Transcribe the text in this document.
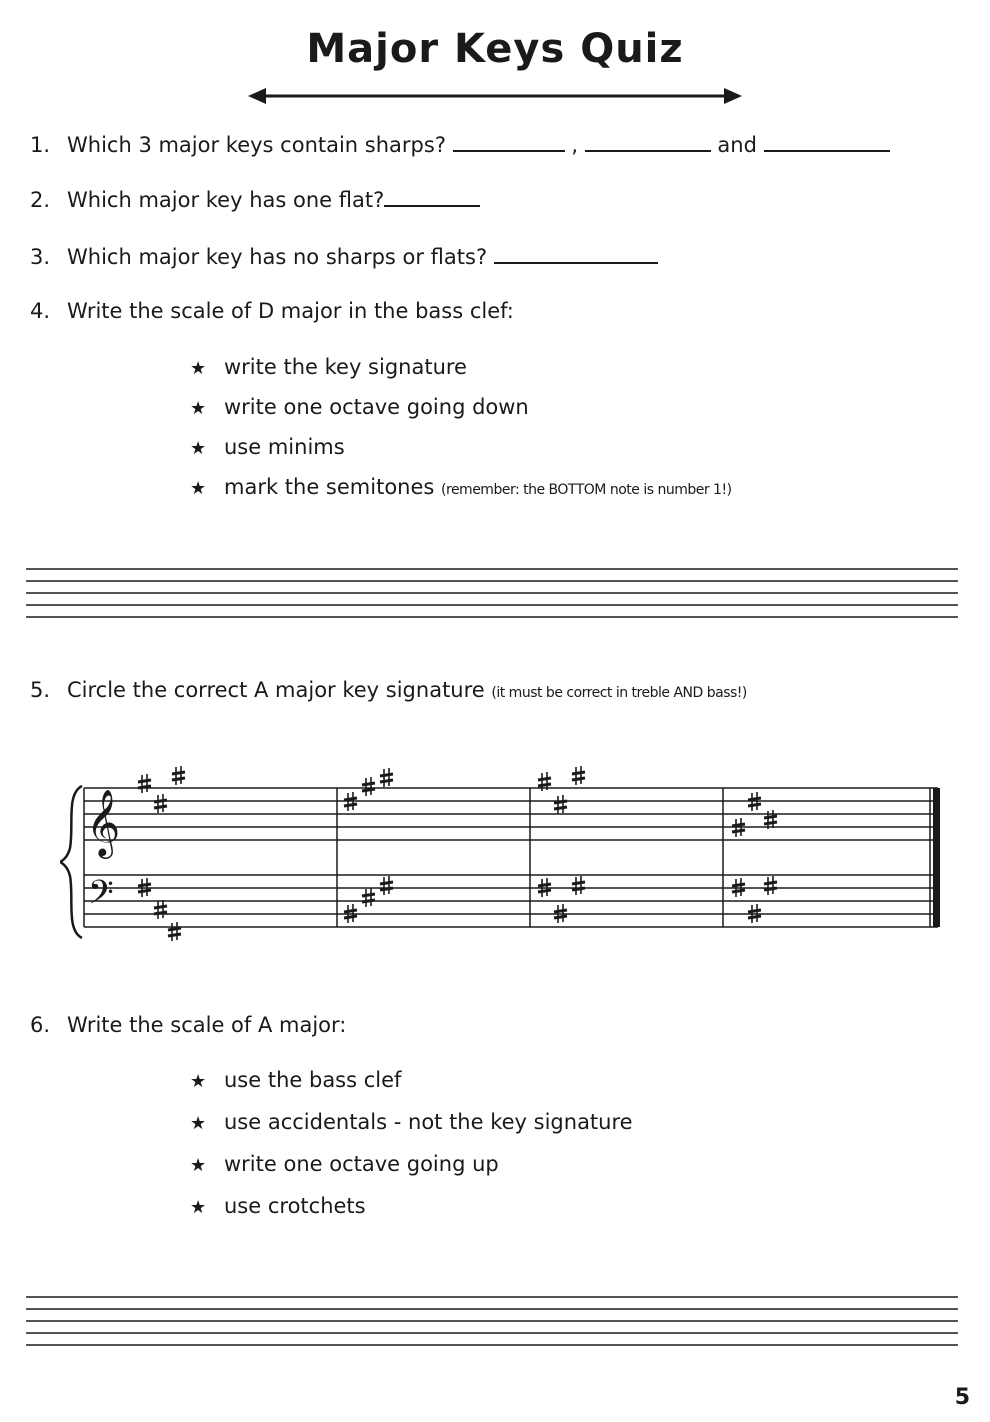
Major Keys Quiz
1. Which 3 major keys contain sharps?	,	and
2. Which major key has one flat?
3. Which major key has no sharps or flats?
4. Write the scale of D major in the bass clef:
★ write the key signature
★ write one octave going down
★ use minims
★ mark the semitones (remember: the BOTTOM note is number 1!)
5. Circle the correct A major key signature (it must be correct in treble AND bass!)
𝄞
𝄢
6. Write the scale of A major:
★ use the bass clef
★ use accidentals - not the key signature
★ write one octave going up
★ use crotchets
5
